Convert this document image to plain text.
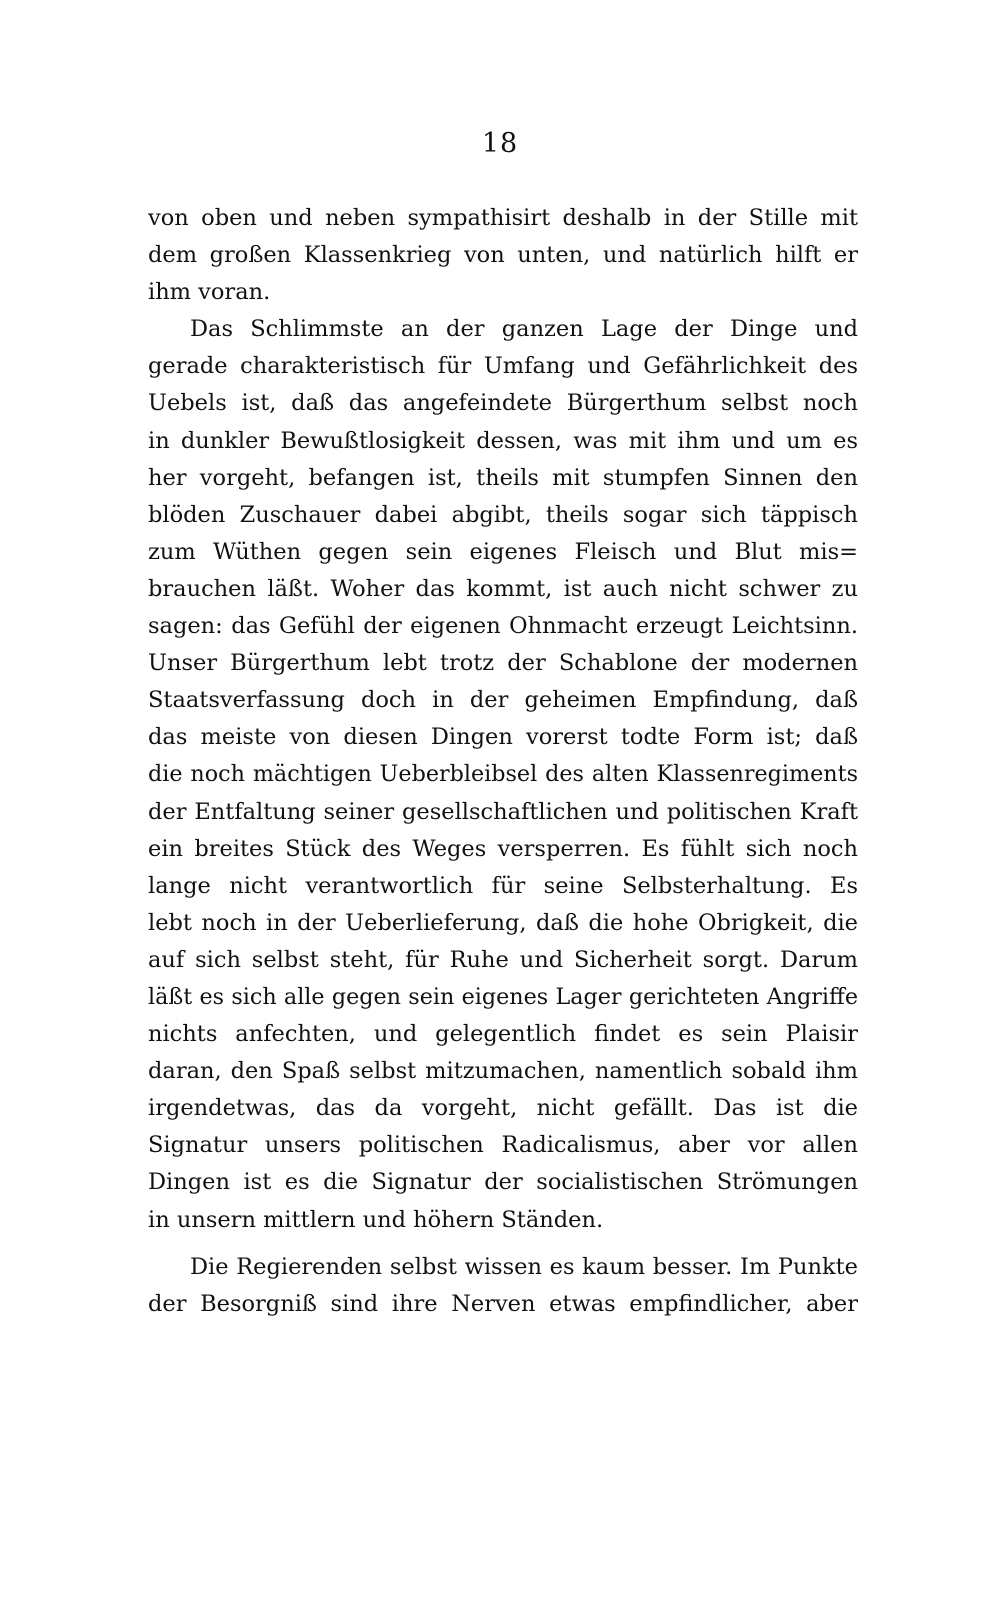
18
von oben und neben sympathisirt deshalb in der Stille mit
dem großen Klassenkrieg von unten, und natürlich hilft er
ihm voran.
Das Schlimmste an der ganzen Lage der Dinge und
gerade charakteristisch für Umfang und Gefährlichkeit des
Uebels ist, daß das angefeindete Bürgerthum selbst noch
in dunkler Bewußtlosigkeit dessen, was mit ihm und um es
her vorgeht, befangen ist, theils mit stumpfen Sinnen den
blöden Zuschauer dabei abgibt, theils sogar sich täppisch
zum Wüthen gegen sein eigenes Fleisch und Blut mis=
brauchen läßt. Woher das kommt, ist auch nicht schwer zu
sagen: das Gefühl der eigenen Ohnmacht erzeugt Leichtsinn.
Unser Bürgerthum lebt trotz der Schablone der modernen
Staatsverfassung doch in der geheimen Empfindung, daß
das meiste von diesen Dingen vorerst todte Form ist; daß
die noch mächtigen Ueberbleibsel des alten Klassenregiments
der Entfaltung seiner gesellschaftlichen und politischen Kraft
ein breites Stück des Weges versperren. Es fühlt sich noch
lange nicht verantwortlich für seine Selbsterhaltung. Es
lebt noch in der Ueberlieferung, daß die hohe Obrigkeit, die
auf sich selbst steht, für Ruhe und Sicherheit sorgt. Darum
läßt es sich alle gegen sein eigenes Lager gerichteten Angriffe
nichts anfechten, und gelegentlich findet es sein Plaisir
daran, den Spaß selbst mitzumachen, namentlich sobald ihm
irgendetwas, das da vorgeht, nicht gefällt. Das ist die
Signatur unsers politischen Radicalismus, aber vor allen
Dingen ist es die Signatur der socialistischen Strömungen
in unsern mittlern und höhern Ständen.
Die Regierenden selbst wissen es kaum besser. Im Punkte
der Besorgniß sind ihre Nerven etwas empfindlicher, aber
